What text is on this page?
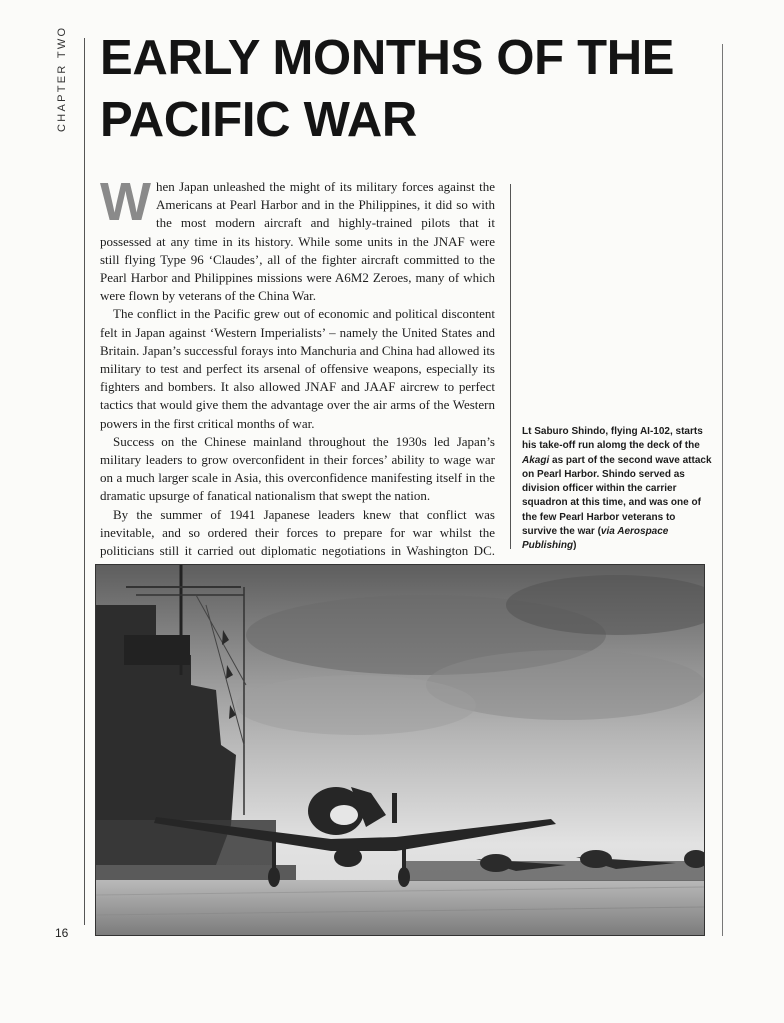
CHAPTER TWO EARLY MONTHS OF THE PACIFIC WAR

When Japan unleashed the might of its military forces against the Americans at Pearl Harbor and in the Philippines, it did so with the most modern aircraft and highly-trained pilots that it possessed at any time in its history. While some units in the JNAF were still flying Type 96 ‘Claudes’, all of the fighter aircraft committed to the Pearl Harbor and Philippines missions were A6M2 Zeroes, many of which were flown by veterans of the China War.

The conflict in the Pacific grew out of economic and political discontent felt in Japan against ‘Western Imperialists’ – namely the United States and Britain. Japan’s successful forays into Manchuria and China had allowed its military to test and perfect its arsenal of offensive weapons, especially its fighters and bombers. It also allowed JNAF and JAAF aircrew to perfect tactics that would give them the advantage over the air arms of the Western powers in the first critical months of war.

Success on the Chinese mainland throughout the 1930s led Japan’s military leaders to grow overconfident in their forces’ ability to wage war on a much larger scale in Asia, this overconfidence manifesting itself in the dramatic upsurge of fanatical nationalism that swept the nation.

By the summer of 1941 Japanese leaders knew that conflict was inevitable, and so ordered their forces to prepare for war whilst the politicians still it carried out diplomatic negotiations in Washington DC.

Lt Saburo Shindo, flying AI-102, starts his take-off run alomg the deck of the Akagi as part of the second wave attack on Pearl Harbor. Shindo served as division officer within the carrier squadron at this time, and was one of the few Pearl Harbor veterans to survive the war (via Aerospace Publishing)
16
